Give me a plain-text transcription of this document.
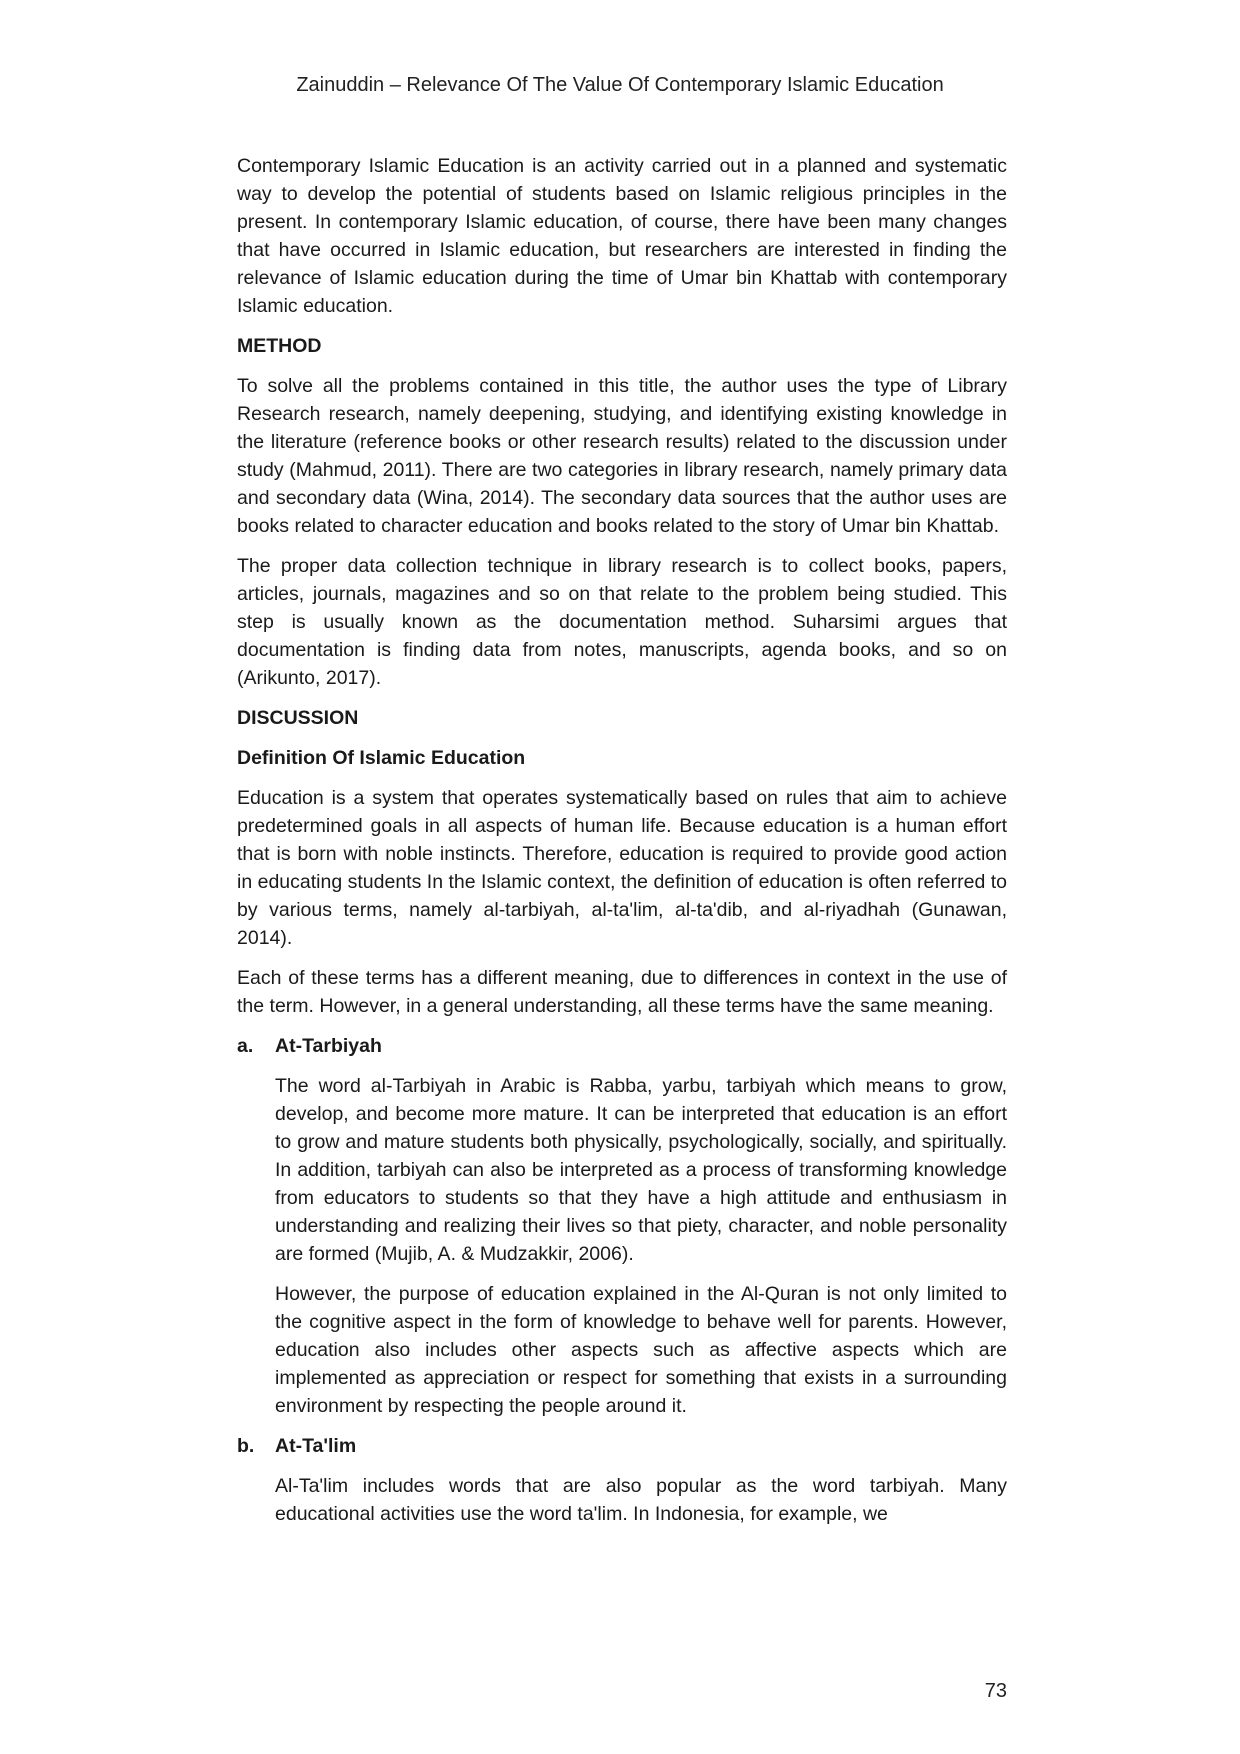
Zainuddin – Relevance Of The Value Of Contemporary Islamic Education

Contemporary Islamic Education is an activity carried out in a planned and systematic way to develop the potential of students based on Islamic religious principles in the present. In contemporary Islamic education, of course, there have been many changes that have occurred in Islamic education, but researchers are interested in finding the relevance of Islamic education during the time of Umar bin Khattab with contemporary Islamic education.

METHOD

To solve all the problems contained in this title, the author uses the type of Library Research research, namely deepening, studying, and identifying existing knowledge in the literature (reference books or other research results) related to the discussion under study (Mahmud, 2011). There are two categories in library research, namely primary data and secondary data (Wina, 2014). The secondary data sources that the author uses are books related to character education and books related to the story of Umar bin Khattab.

The proper data collection technique in library research is to collect books, papers, articles, journals, magazines and so on that relate to the problem being studied. This step is usually known as the documentation method. Suharsimi argues that documentation is finding data from notes, manuscripts, agenda books, and so on (Arikunto, 2017).

DISCUSSION
Definition Of Islamic Education

Education is a system that operates systematically based on rules that aim to achieve predetermined goals in all aspects of human life. Because education is a human effort that is born with noble instincts. Therefore, education is required to provide good action in educating students In the Islamic context, the definition of education is often referred to by various terms, namely al-tarbiyah, al-ta'lim, al-ta'dib, and al-riyadhah (Gunawan, 2014).

Each of these terms has a different meaning, due to differences in context in the use of the term. However, in a general understanding, all these terms have the same meaning.

a.	At-Tarbiyah

The word al-Tarbiyah in Arabic is Rabba, yarbu, tarbiyah which means to grow, develop, and become more mature. It can be interpreted that education is an effort to grow and mature students both physically, psychologically, socially, and spiritually. In addition, tarbiyah can also be interpreted as a process of transforming knowledge from educators to students so that they have a high attitude and enthusiasm in understanding and realizing their lives so that piety, character, and noble personality are formed (Mujib, A. & Mudzakkir, 2006).

However, the purpose of education explained in the Al-Quran is not only limited to the cognitive aspect in the form of knowledge to behave well for parents. However, education also includes other aspects such as affective aspects which are implemented as appreciation or respect for something that exists in a surrounding environment by respecting the people around it.

b.	At-Ta'lim

Al-Ta'lim includes words that are also popular as the word tarbiyah. Many educational activities use the word ta'lim. In Indonesia, for example, we

73
